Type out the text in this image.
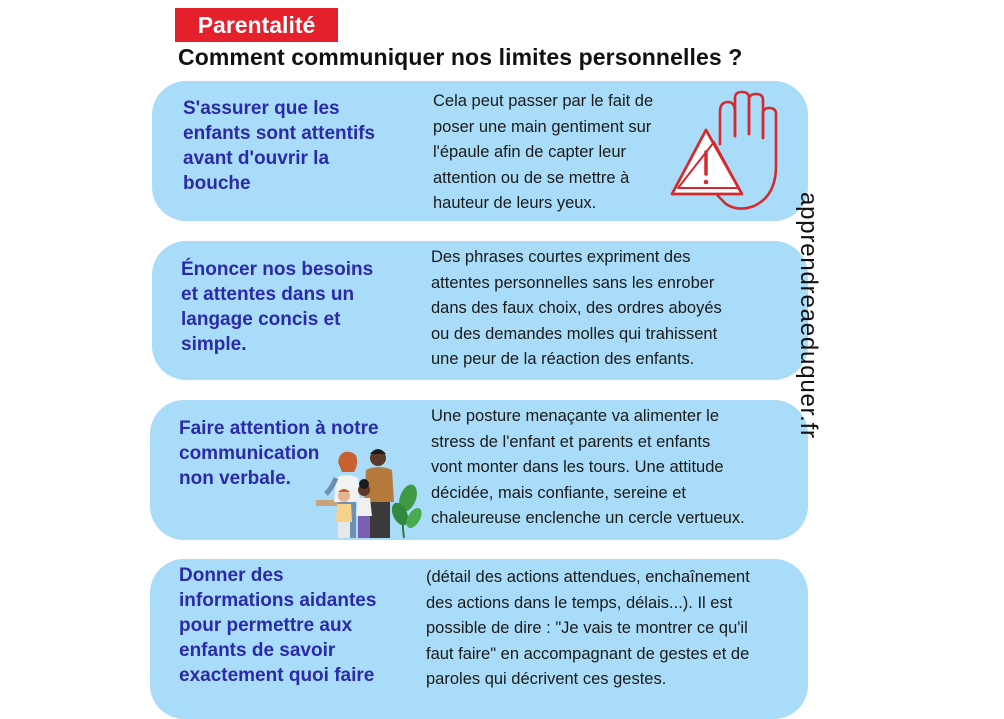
Parentalité
Comment communiquer nos limites personnelles ?
S'assurer que les
enfants sont attentifs
avant d'ouvrir la
bouche
Cela peut passer par le fait de
poser une main gentiment sur
l'épaule afin de capter leur
attention ou de se mettre à
hauteur de leurs yeux.
Énoncer nos besoins
et attentes dans un
langage concis et
simple.
Des phrases courtes expriment des
attentes personnelles sans les enrober
dans des faux choix, des ordres aboyés
ou des demandes molles qui trahissent
une peur de la réaction des enfants.
Faire attention à notre
communication
non verbale.
Une posture menaçante va alimenter le
stress de l'enfant et parents et enfants
vont monter dans les tours. Une attitude
décidée, mais confiante, sereine et
chaleureuse enclenche un cercle vertueux.
Donner des
informations aidantes
pour permettre aux
enfants de savoir
exactement quoi faire
(détail des actions attendues, enchaînement
des actions dans le temps, délais...). Il est
possible de dire : "Je vais te montrer ce qu'il
faut faire" en accompagnant de gestes et de
paroles qui décrivent ces gestes.
apprendreaeduquer.fr
